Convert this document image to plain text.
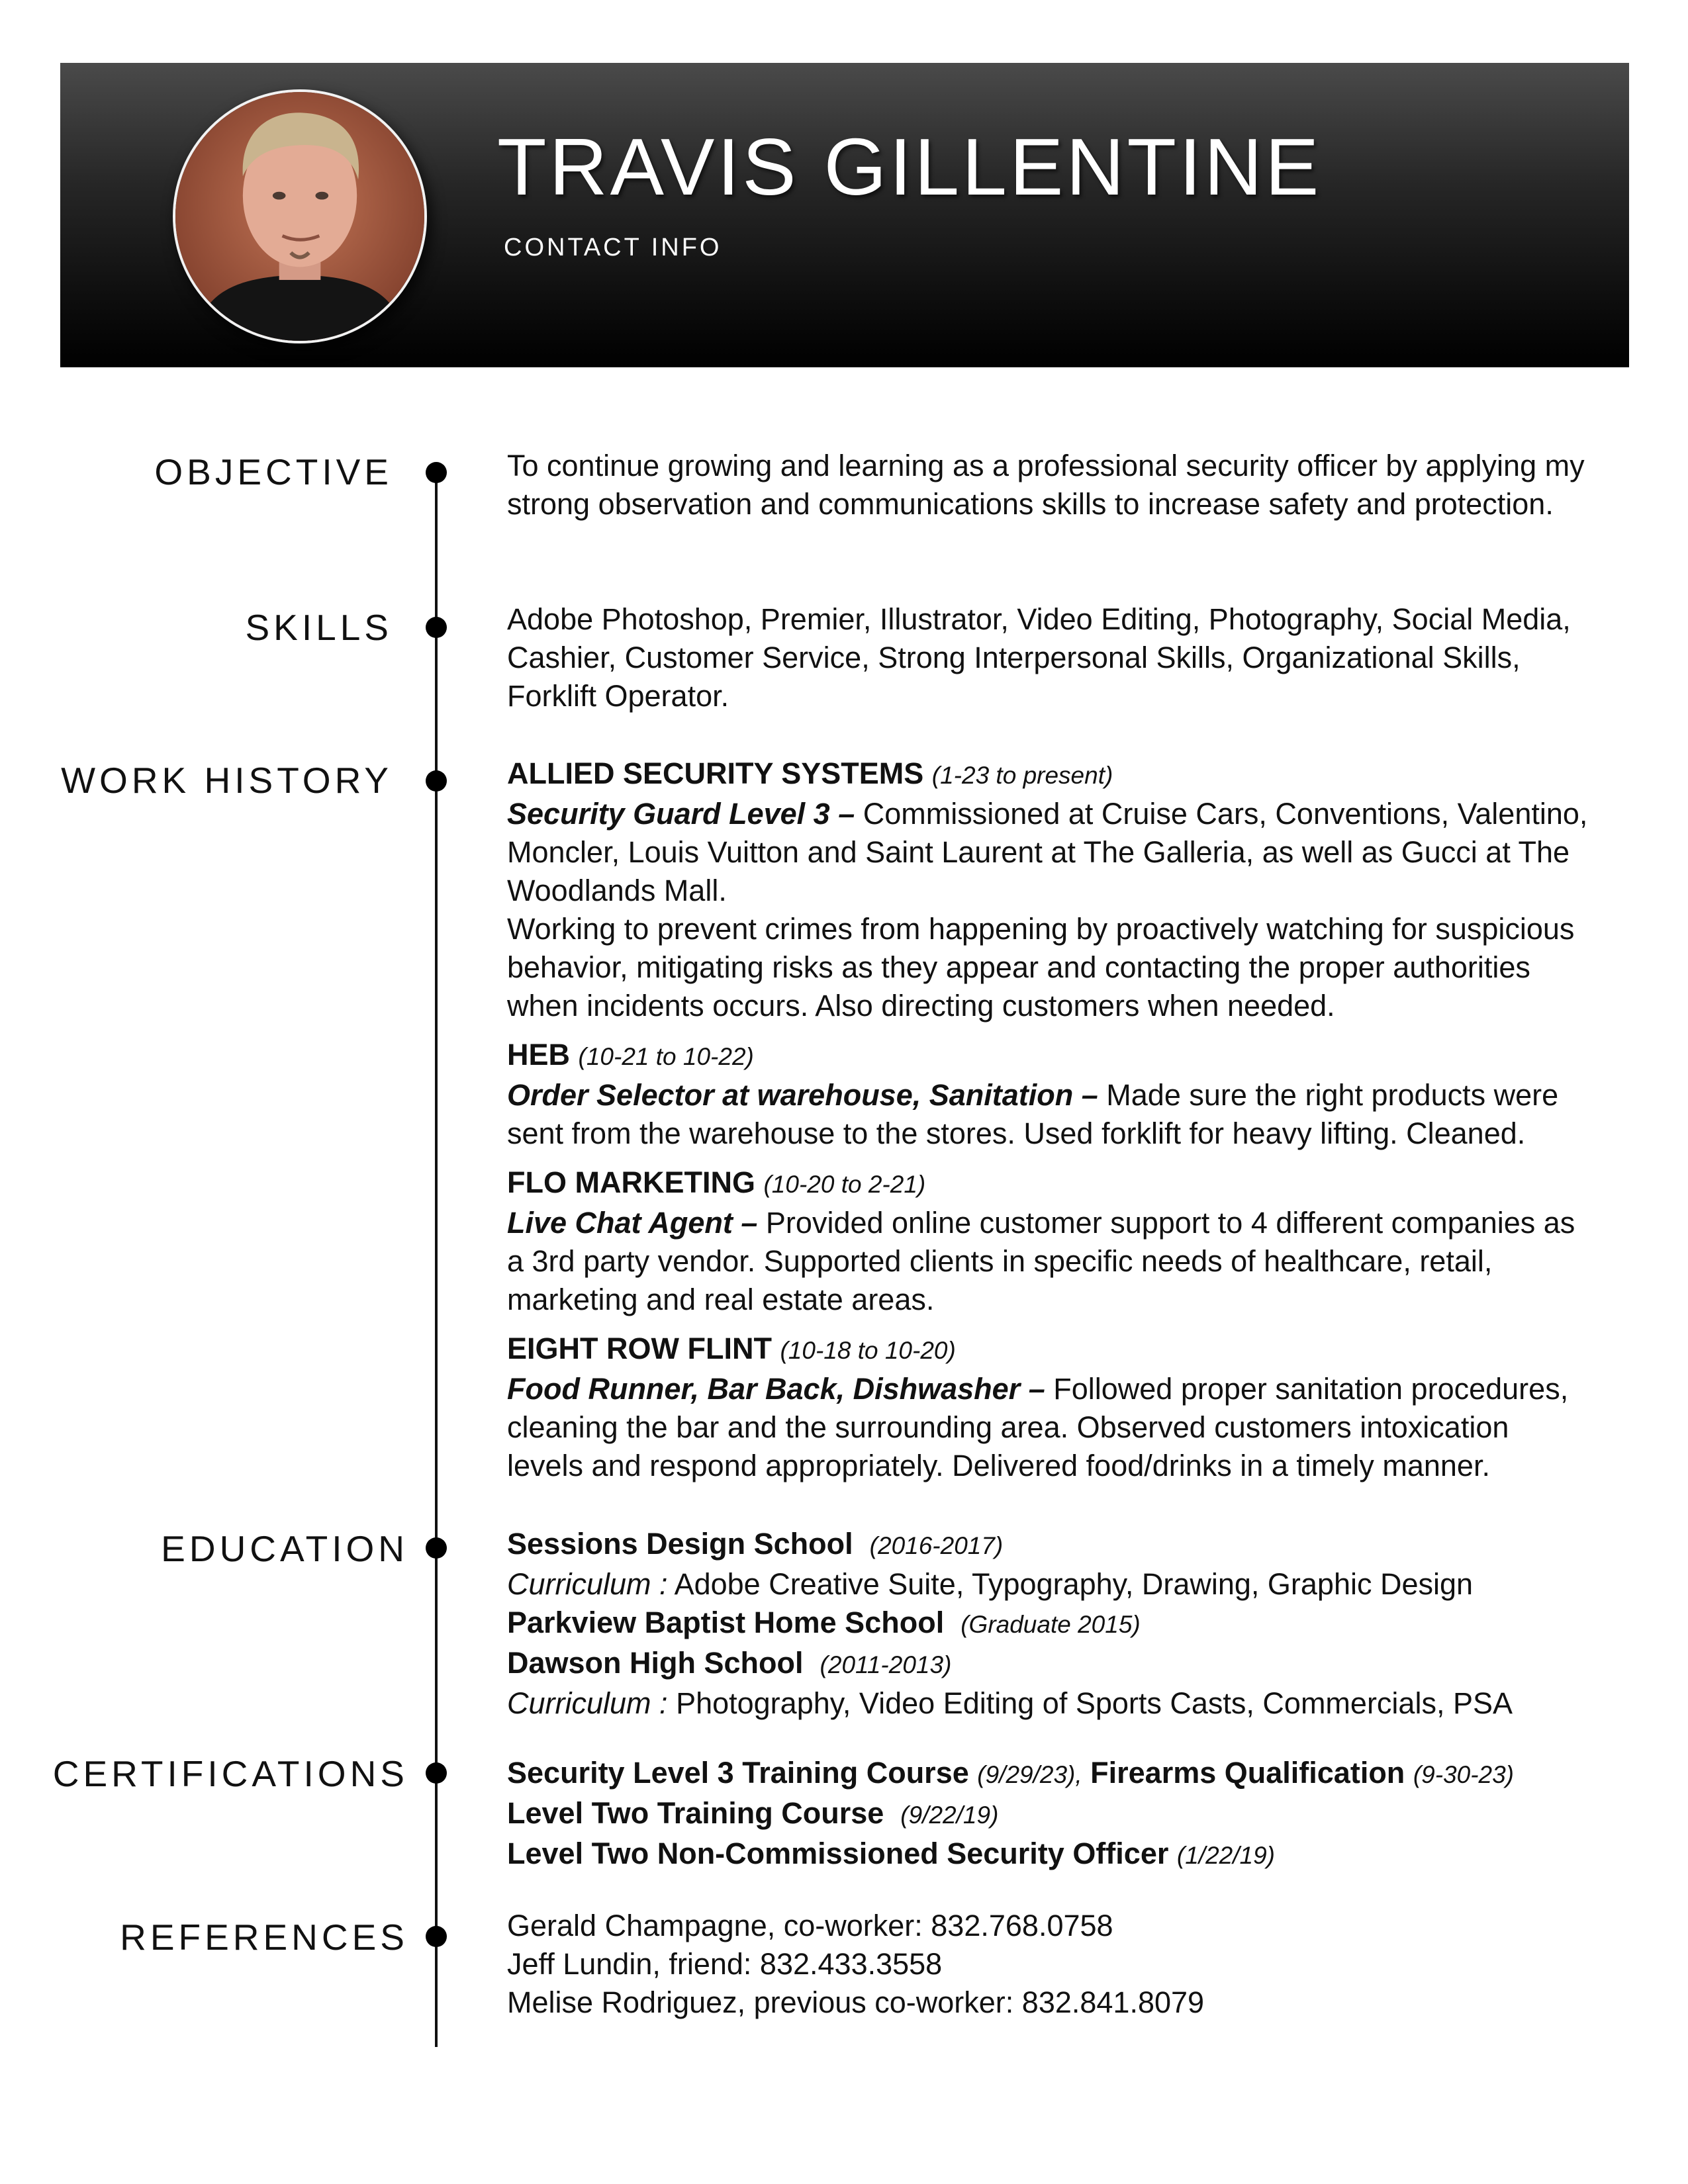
TRAVIS GILLENTINE
CONTACT INFO
OBJECTIVE
SKILLS
WORK HISTORY
EDUCATION
CERTIFICATIONS
REFERENCES

To continue growing and learning as a professional security officer by applying my strong observation and communications skills to increase safety and protection.

Adobe Photoshop, Premier, Illustrator, Video Editing, Photography, Social Media, Cashier, Customer Service, Strong Interpersonal Skills, Organizational Skills, Forklift Operator.

ALLIED SECURITY SYSTEMS (1-23 to present)

Security Guard Level 3 – Commissioned at Cruise Cars, Conventions, Valentino, Moncler, Louis Vuitton and Saint Laurent at The Galleria, as well as Gucci at The Woodlands Mall.

Working to prevent crimes from happening by proactively watching for suspicious behavior, mitigating risks as they appear and contacting the proper authorities when incidents occurs. Also directing customers when needed.

HEB (10-21 to 10-22)

Order Selector at warehouse, Sanitation – Made sure the right products were sent from the warehouse to the stores. Used forklift for heavy lifting. Cleaned.

FLO MARKETING (10-20 to 2-21)

Live Chat Agent – Provided online customer support to 4 different companies as a 3rd party vendor. Supported clients in specific needs of healthcare, retail, marketing and real estate areas.

EIGHT ROW FLINT (10-18 to 10-20)

Food Runner, Bar Back, Dishwasher – Followed proper sanitation procedures, cleaning the bar and the surrounding area. Observed customers intoxication levels and respond appropriately. Delivered food/drinks in a timely manner.

Sessions Design School (2016-2017)

Curriculum : Adobe Creative Suite, Typography, Drawing, Graphic Design

Parkview Baptist Home School (Graduate 2015)

Dawson High School (2011-2013)

Curriculum : Photography, Video Editing of Sports Casts, Commercials, PSA

Security Level 3 Training Course (9/29/23), Firearms Qualification (9-30-23)

Level Two Training Course (9/22/19)

Level Two Non-Commissioned Security Officer (1/22/19)

Gerald Champagne, co-worker: 832.768.0758

Jeff Lundin, friend: 832.433.3558

Melise Rodriguez, previous co-worker: 832.841.8079
